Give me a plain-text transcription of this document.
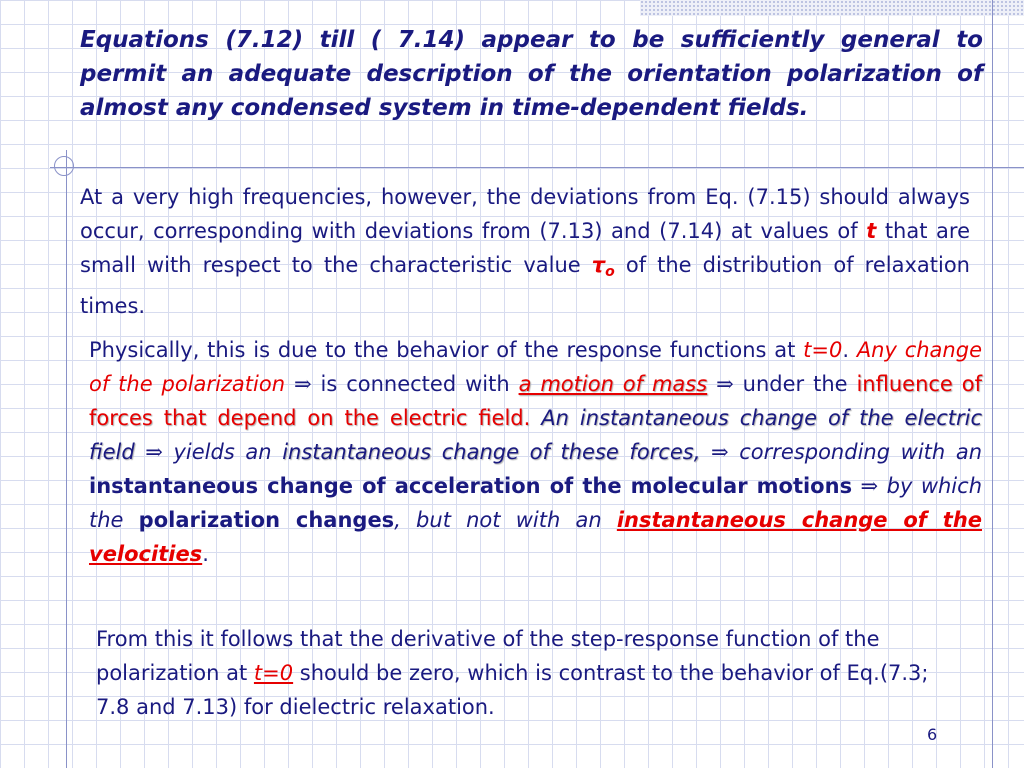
Equations (7.12) till ( 7.14) appear to be sufficiently general to permit an adequate description of the orientation polarization of almost any condensed system in time-dependent fields.
At a very high frequencies, however, the deviations from Eq. (7.15) should always occur, corresponding with deviations from (7.13) and (7.14) at values of t that are small with respect to the characteristic value $\tau_o$ of the distribution of relaxation times.
Physically, this is due to the behavior of the response functions at t=0. Any change of the polarization ⇒ is connected with a motion of mass ⇒ under the influence of forces that depend on the electric field. An instantaneous change of the electric field ⇒ yields an instantaneous change of these forces, ⇒ corresponding with an instantaneous change of acceleration of the molecular motions ⇒ by which the polarization changes, but not with an instantaneous change of the velocities.
From this it follows that the derivative of the step-response function of the polarization at t=0 should be zero, which is contrast to the behavior of Eq.(7.3; 7.8 and 7.13) for dielectric relaxation.
6
